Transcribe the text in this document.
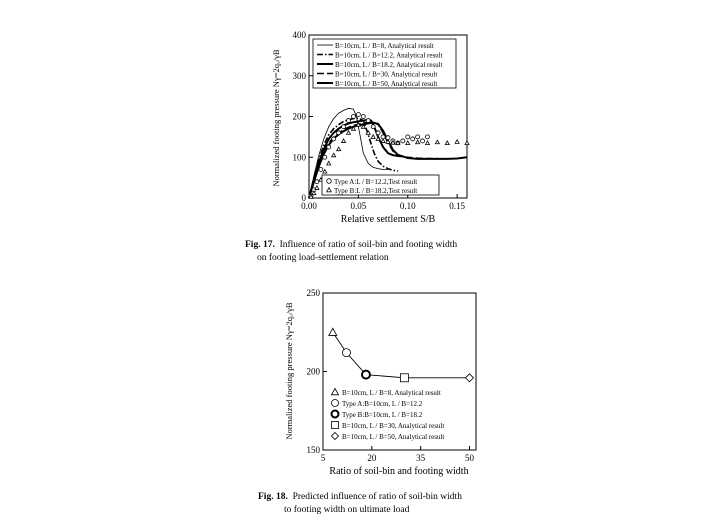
0.00	0.05	0.10	0.15
0
100
200
300
400
B=10cm, L / B=8, Analytical result
B=10cm, L / B=12.2, Analytical result
B=10cm, L / B=18.2, Analytical result
B=10cm, L / B=30, Analytical result
B=10cm, L / B=50, Analytical result
Type A:L / B=12.2,Test result
Type B:L / B=18.2,Test result
Relative settlement S/B
Normalized footing pressure Nγ=2qᵤ/γB
5	20	35	50
150
200
250
B=10cm, L / B=8, Analytical result
Type A:B=10cm, L / B=12.2
Type B:B=10cm, L / B=18.2
B=10cm, L / B=30, Analytical result
B=10cm, L / B=50, Analytical result
Ratio of soil-bin and footing width
Normalized footing pressure Nγ=2qᵤ/γB
Fig. 17. Influence of ratio of soil-bin and footing width
on footing load-settlement relation
Fig. 18. Predicted influence of ratio of soil-bin width
to footing width on ultimate load
